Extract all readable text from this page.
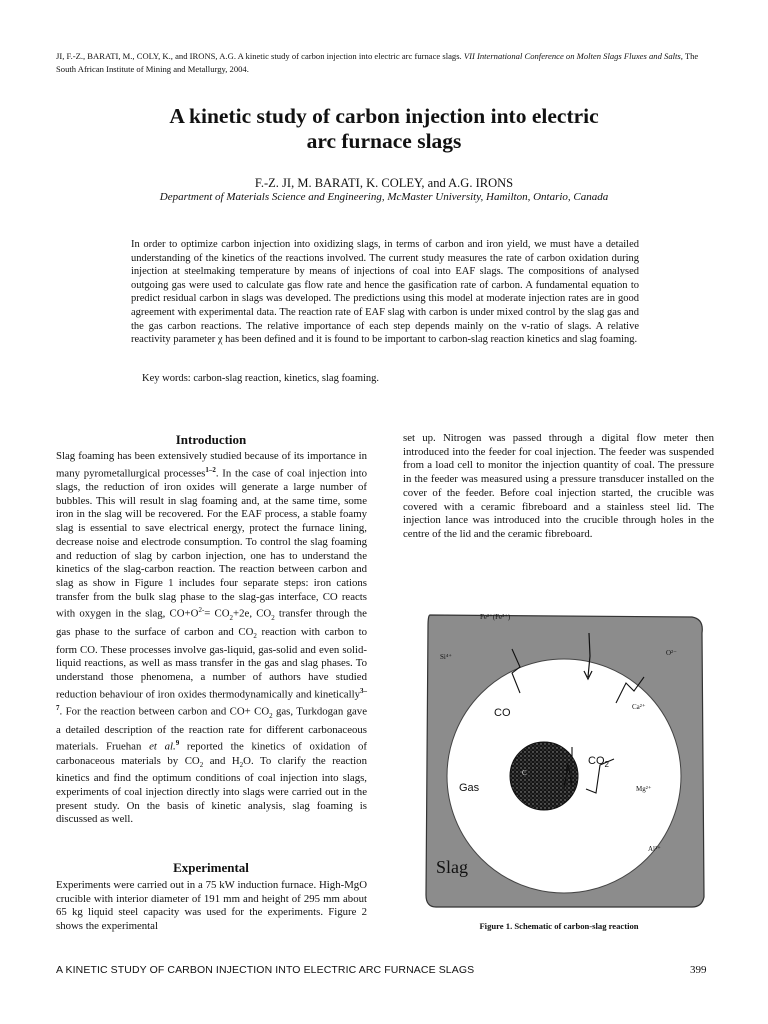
JI, F.-Z., BARATI, M., COLY, K., and IRONS, A.G. A kinetic study of carbon injection into electric arc furnace slags. VII International Conference on Molten Slags Fluxes and Salts, The South African Institute of Mining and Metallurgy, 2004.
A kinetic study of carbon injection into electric
arc furnace slags
F.-Z. JI, M. BARATI, K. COLEY, and A.G. IRONS
Department of Materials Science and Engineering, McMaster University, Hamilton, Ontario, Canada
In order to optimize carbon injection into oxidizing slags, in terms of carbon and iron yield, we must have a detailed understanding of the kinetics of the reactions involved. The current study measures the rate of carbon oxidation during injection at steelmaking temperature by means of injections of coal into EAF slags. The compositions of analysed outgoing gas were used to calculate gas flow rate and hence the gasification rate of carbon. A fundamental equation to predict residual carbon in slags was developed. The predictions using this model at moderate injection rates are in good agreement with experimental data. The reaction rate of EAF slag with carbon is under mixed control by the slag gas and the gas carbon reactions. The relative importance of each step depends mainly on the v-ratio of slags. A relative reactivity parameter χ has been defined and it is found to be important to carbon-slag reaction kinetics and slag foaming.
Key words: carbon-slag reaction, kinetics, slag foaming.
Introduction
Slag foaming has been extensively studied because of its importance in many pyrometallurgical processes$^{1-2}$. In the case of coal injection into slags, the reduction of iron oxides will generate a large number of bubbles. This will result in slag foaming and, at the same time, some iron in the slag will be recovered. For the EAF process, a stable foamy slag is essential to save electrical energy, protect the furnace lining, decrease noise and electrode consumption. To control the slag foaming and reduction of slag by carbon injection, one has to understand the kinetics of the slag-carbon reaction. The reaction between carbon and slag as show in Figure 1 includes four separate steps: iron cations transfer from the bulk slag phase to the slag-gas interface, CO reacts with oxygen in the slag, $CO+O^{2-}= CO_2+2e$, $CO_2$ transfer through the gas phase to the surface of carbon and $CO_2$ reaction with carbon to form CO. These processes involve gas-liquid, gas-solid and even solid-liquid reactions, as well as mass transfer in the gas and slag phases. To understand those phenomena, a number of authors have studied reduction behaviour of iron oxides thermodynamically and kinetically$^{3-7}$. For the reaction between carbon and $CO+ CO_2$ gas, Turkdogan gave a detailed description of the reaction rate for different carbonaceous materials. Fruehan et al.$^9$ reported the kinetics of oxidation of carbonaceous materials by $CO_2$ and $H_2O$. To clarify the reaction kinetics and find the optimum conditions of coal injection into slags, experiments of coal injection directly into slags were carried out in the present study. On the basis of kinetic analysis, slag foaming is discussed as well.
Experimental
Experiments were carried out in a 75 kW induction furnace. High-MgO crucible with interior diameter of 191 mm and height of 295 mm about 65 kg liquid steel capacity was used for the experiments. Figure 2 shows the experimental
set up. Nitrogen was passed through a digital flow meter then introduced into the feeder for coal injection. The feeder was suspended from a load cell to monitor the injection quantity of coal. The pressure in the feeder was measured using a pressure transducer installed on the cover of the feeder. Before coal injection started, the crucible was covered with a ceramic fibreboard and a stainless steel lid. The injection lance was introduced into the crucible through holes in the centre of the lid and the ceramic fibreboard.
Fe²⁺(Fe³⁺)
Si⁴⁺	O²⁻
CO	Ca²⁺
$CO_2$
Gas
C
Mg²⁺
Al³⁺
Slag
Figure 1. Schematic of carbon-slag reaction
A KINETIC STUDY OF CARBON INJECTION INTO ELECTRIC ARC FURNACE SLAGS	399
